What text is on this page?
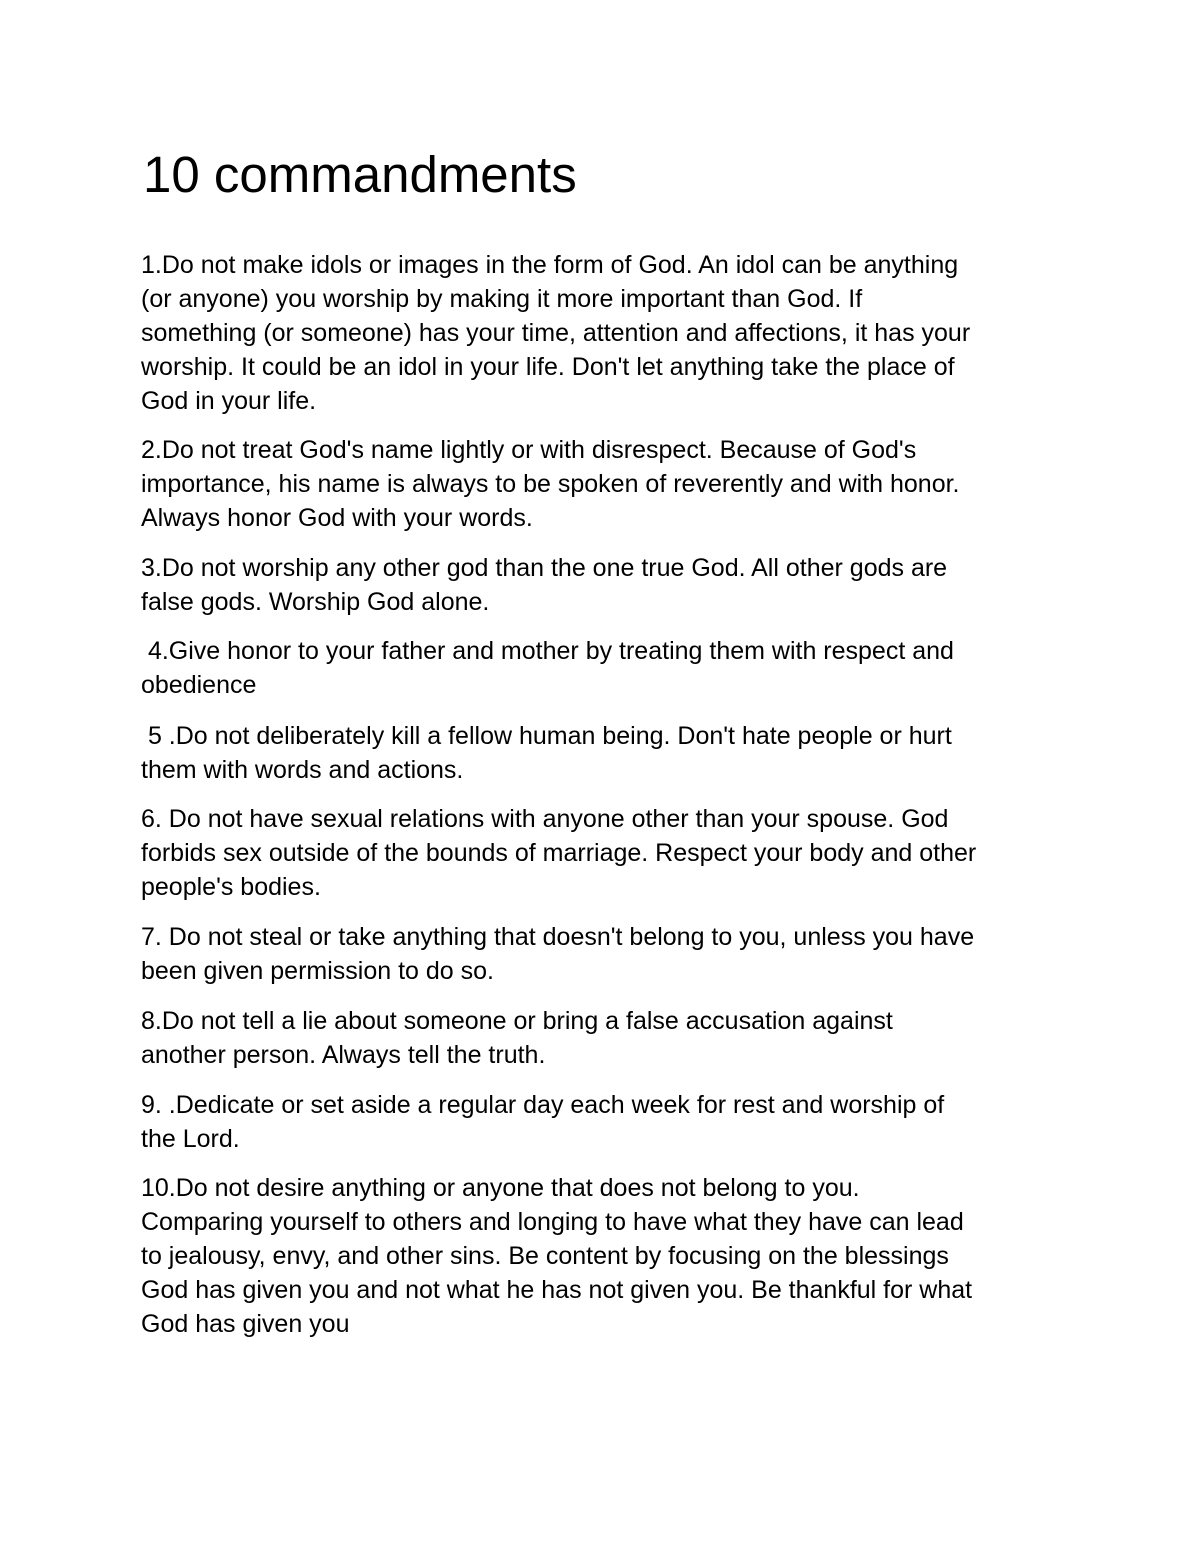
10 commandments

1.Do not make idols or images in the form of God. An idol can be anything
(or anyone) you worship by making it more important than God. If
something (or someone) has your time, attention and affections, it has your
worship. It could be an idol in your life. Don't let anything take the place of
God in your life.

2.Do not treat God's name lightly or with disrespect. Because of God's
importance, his name is always to be spoken of reverently and with honor.
Always honor God with your words.

3.Do not worship any other god than the one true God. All other gods are
false gods. Worship God alone.

4.Give honor to your father and mother by treating them with respect and
obedience

5 .Do not deliberately kill a fellow human being. Don't hate people or hurt
them with words and actions.

6. Do not have sexual relations with anyone other than your spouse. God
forbids sex outside of the bounds of marriage. Respect your body and other
people's bodies.

7. Do not steal or take anything that doesn't belong to you, unless you have
been given permission to do so.

8.Do not tell a lie about someone or bring a false accusation against
another person. Always tell the truth.

9. .Dedicate or set aside a regular day each week for rest and worship of
the Lord.

10.Do not desire anything or anyone that does not belong to you.
Comparing yourself to others and longing to have what they have can lead
to jealousy, envy, and other sins. Be content by focusing on the blessings
God has given you and not what he has not given you. Be thankful for what
God has given you
